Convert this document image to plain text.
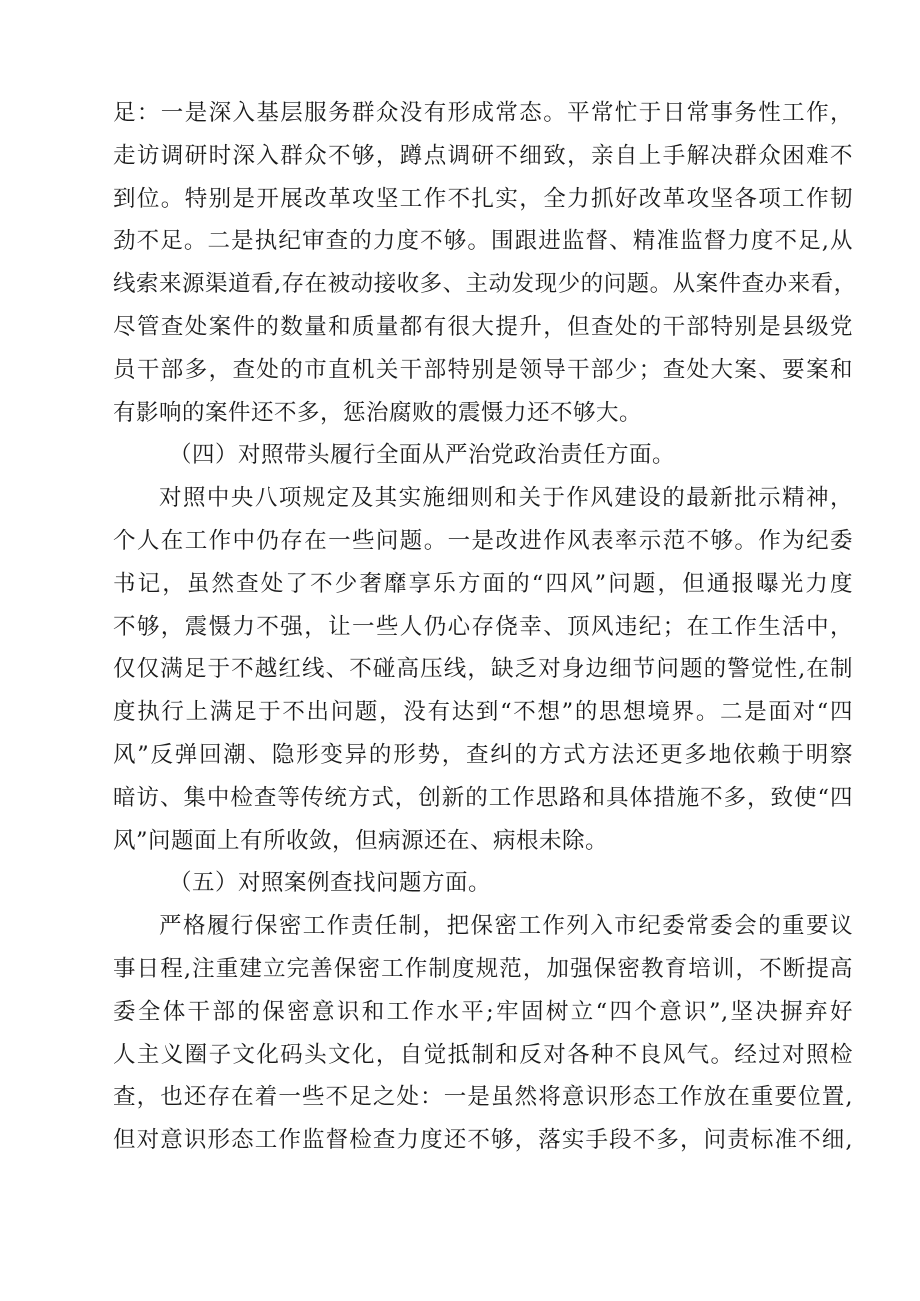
足：一是深入基层服务群众没有形成常态。平常忙于日常事务性工作，
走访调研时深入群众不够，蹲点调研不细致，亲自上手解决群众困难不
到位。特别是开展改革攻坚工作不扎实，全力抓好改革攻坚各项工作韧
劲不足。二是执纪审查的力度不够。围跟进监督、精准监督力度不足,从
线索来源渠道看,存在被动接收多、主动发现少的问题。从案件查办来看，
尽管查处案件的数量和质量都有很大提升，但查处的干部特别是县级党
员干部多，查处的市直机关干部特别是领导干部少；查处大案、要案和
有影响的案件还不多，惩治腐败的震慑力还不够大。
（四）对照带头履行全面从严治党政治责任方面。
对照中央八项规定及其实施细则和关于作风建设的最新批示精神，
个人在工作中仍存在一些问题。一是改进作风表率示范不够。作为纪委
书记，虽然查处了不少奢靡享乐方面的“四风”问题，但通报曝光力度
不够，震慑力不强，让一些人仍心存侥幸、顶风违纪；在工作生活中，
仅仅满足于不越红线、不碰高压线，缺乏对身边细节问题的警觉性,在制
度执行上满足于不出问题，没有达到“不想”的思想境界。二是面对“四
风”反弹回潮、隐形变异的形势，查纠的方式方法还更多地依赖于明察
暗访、集中检查等传统方式，创新的工作思路和具体措施不多，致使“四
风”问题面上有所收敛，但病源还在、病根未除。
（五）对照案例查找问题方面。
严格履行保密工作责任制，把保密工作列入市纪委常委会的重要议
事日程,注重建立完善保密工作制度规范，加强保密教育培训，不断提高
委全体干部的保密意识和工作水平;牢固树立“四个意识”,坚决摒弃好
人主义圈子文化码头文化，自觉抵制和反对各种不良风气。经过对照检
查，也还存在着一些不足之处：一是虽然将意识形态工作放在重要位置,
但对意识形态工作监督检查力度还不够，落实手段不多，问责标准不细,
